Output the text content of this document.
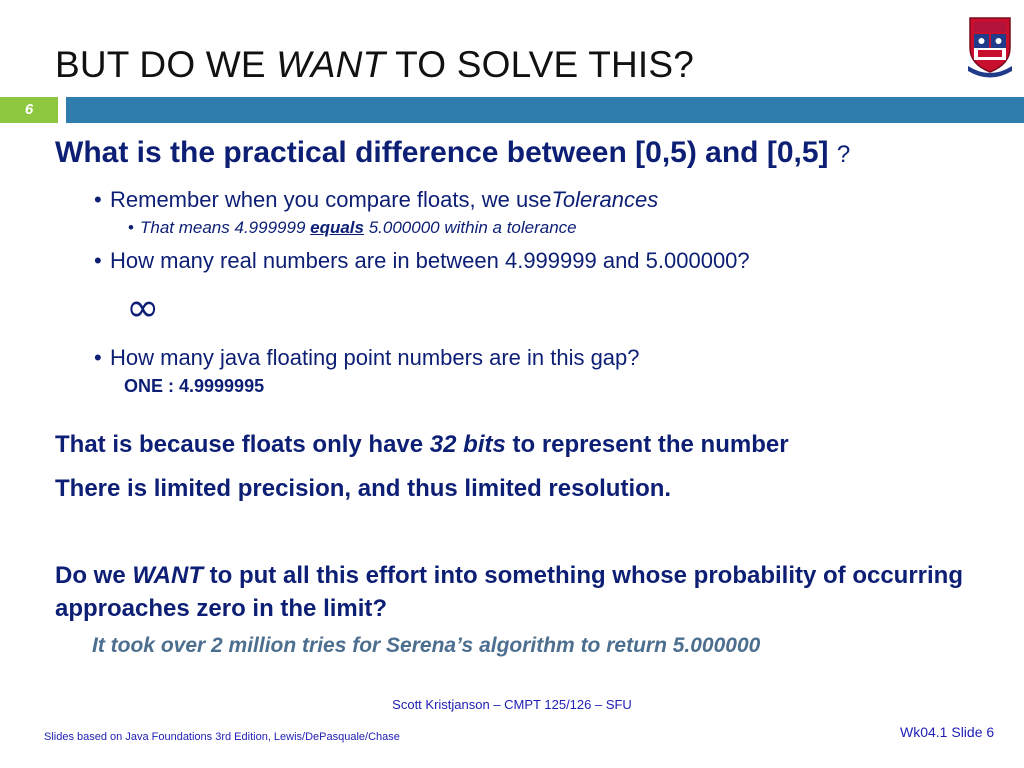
BUT DO WE WANT TO SOLVE THIS?
6
What is the practical difference between [0,5) and [0,5] ?
• Remember when you compare floats, we useTolerances
• That means 4.999999 equals 5.000000 within a tolerance
• How many real numbers are in between 4.999999 and 5.000000?
∞
• How many java floating point numbers are in this gap?
ONE : 4.9999995
That is because floats only have 32 bits to represent the number
There is limited precision, and thus limited resolution.
Do we WANT to put all this effort into something whose probability of occurring approaches zero in the limit?
It took over 2 million tries for Serena’s algorithm to return 5.000000
Scott Kristjanson – CMPT 125/126 – SFU
Slides based on Java Foundations 3rd Edition, Lewis/DePasquale/Chase	Wk04.1 Slide 6
